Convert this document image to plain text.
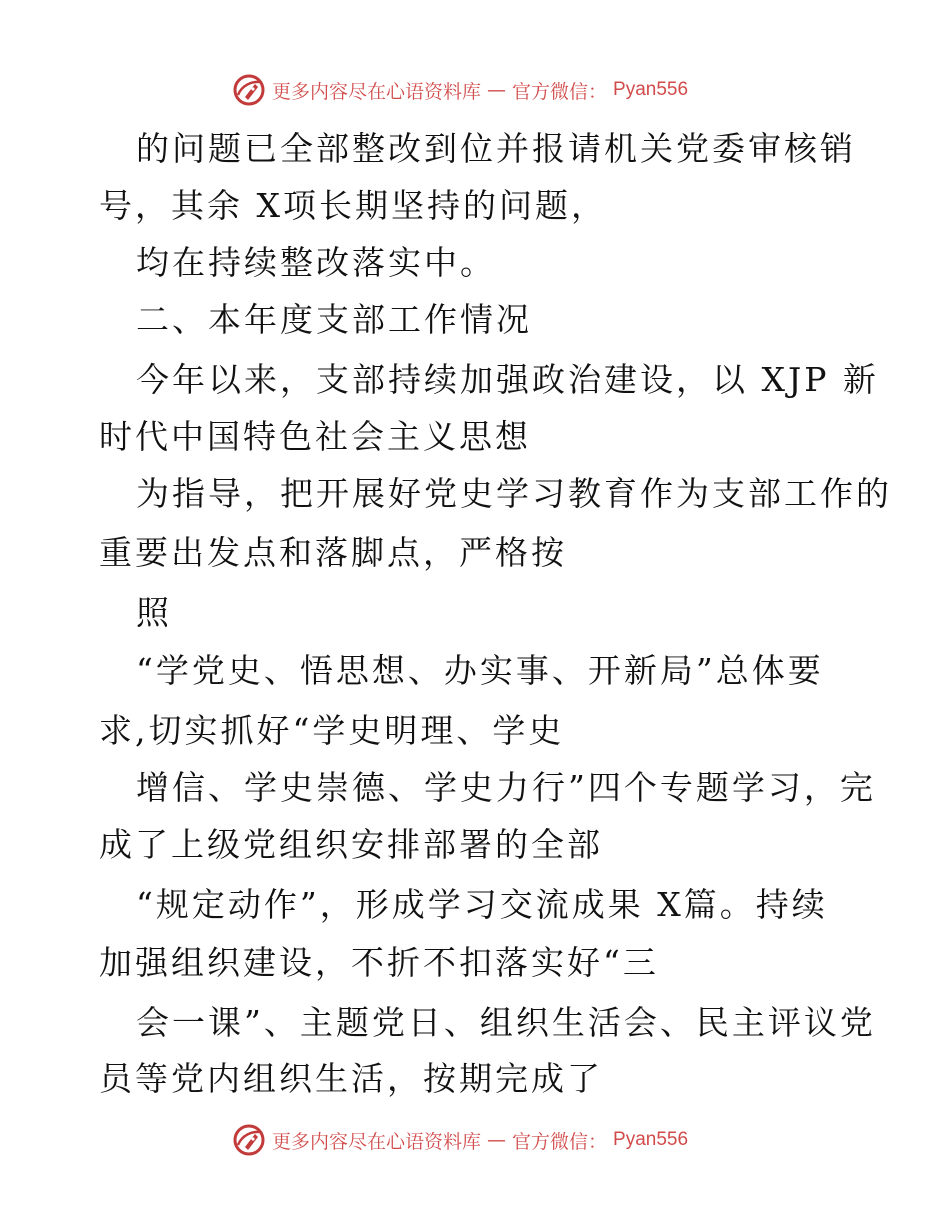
更多内容尽在心语资料库 — 官方微信： Pyan556
的问题已全部整改到位并报请机关党委审核销
号，其余 X项长期坚持的问题，
均在持续整改落实中。
二、本年度支部工作情况
今年以来，支部持续加强政治建设，以 XJP 新
时代中国特色社会主义思想
为指导，把开展好党史学习教育作为支部工作的
重要出发点和落脚点，严格按
照
“学党史、悟思想、办实事、开新局”总体要
求,切实抓好“学史明理、学史
增信、学史崇德、学史力行”四个专题学习，完
成了上级党组织安排部署的全部
“规定动作”，形成学习交流成果 X篇。持续
加强组织建设，不折不扣落实好“三
会一课”、主题党日、组织生活会、民主评议党
员等党内组织生活，按期完成了
更多内容尽在心语资料库 — 官方微信： Pyan556
